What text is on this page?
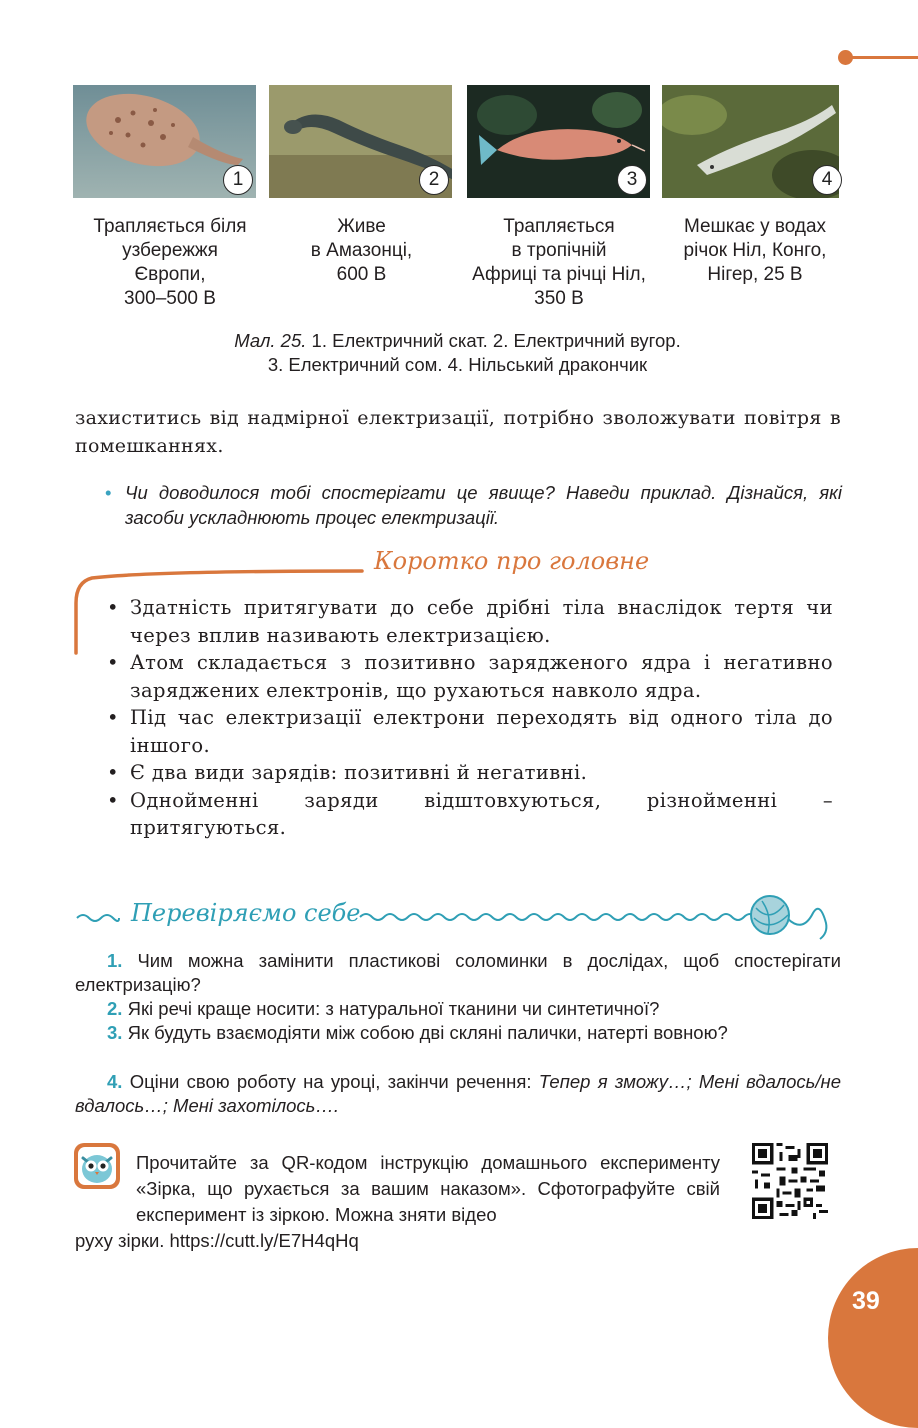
1	2	3	4
Трапляється біля
узбережжя
Європи,
300–500 В
Живе
в Амазонці,
600 В
Трапляється
в тропічній
Африці та річці Ніл,
350 В
Мешкає у водах
річок Ніл, Конго,
Нігер, 25 В
Мал. 25. 1. Електричний скат. 2. Електричний вугор.
3. Електричний сом. 4. Нільський дракончик
захиститись від надмірної електризації, потрібно зволожувати повітря в помешканнях.
• Чи доводилося тобі спостерігати це явище? Наведи приклад. Дізнайся, які засоби ускладнюють процес електризації.
Коротко про головне
• Здатність притягувати до себе дрібні тіла внаслідок тертя чи через вплив називають електризацією.
• Атом складається з позитивно зарядженого ядра і негативно заряджених електронів, що рухаються навколо ядра.
• Під час електризації електрони переходять від одного тіла до іншого.
• Є два види зарядів: позитивні й негативні.
• Однойменні заряди відштовхуються, різнойменні – притягуються.
Перевіряємо себе
1. Чим можна замінити пластикові соломинки в дослідах, щоб спостерігати електризацію?
2. Які речі краще носити: з натуральної тканини чи синтетичної?
3. Як будуть взаємодіяти між собою дві скляні палички, натерті вовною?
4. Оціни свою роботу на уроці, закінчи речення: Тепер я зможу…; Мені вдалось/не вдалось…; Мені захотілось….
Прочитайте за QR-кодом інструкцію домашнього експерименту «Зірка, що рухається за вашим наказом». Сфотографуйте свій експеримент із зіркою. Можна зняти відео
руху зірки. https://cutt.ly/E7H4qHq
39
